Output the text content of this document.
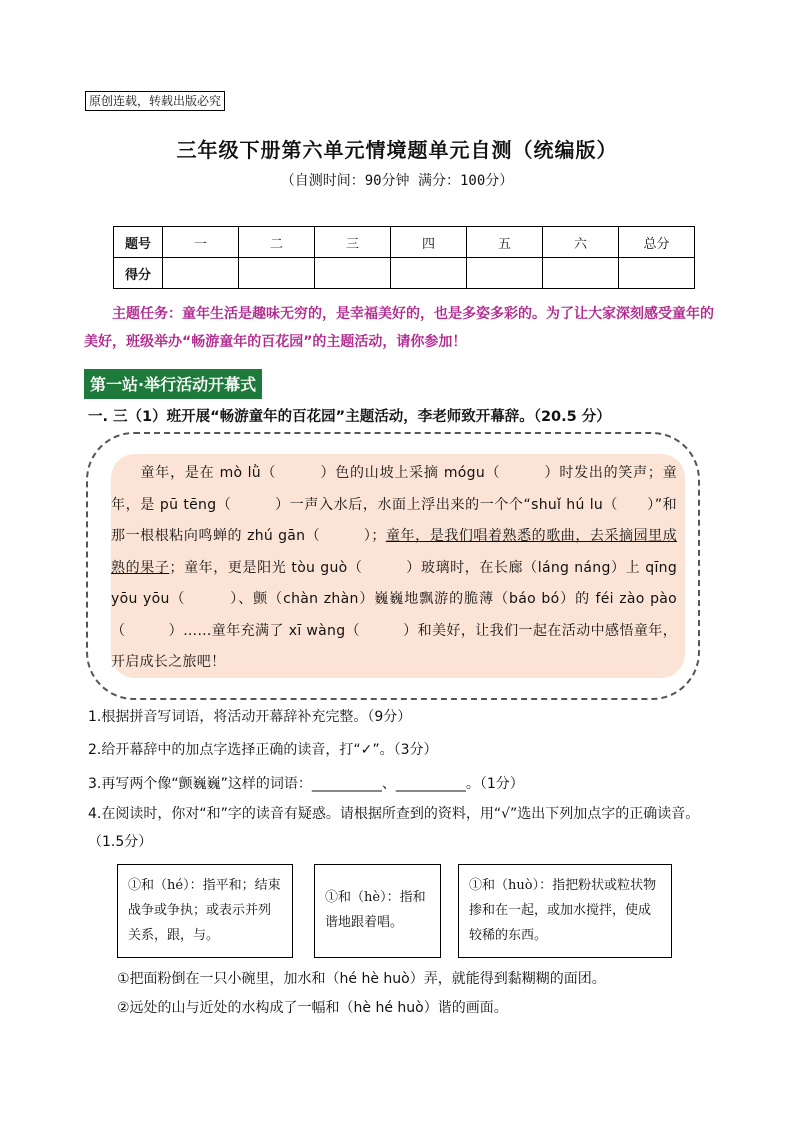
原创连载，转载出版必究
三年级下册第六单元情境题单元自测（统编版）
（自测时间：90分钟 满分：100分）
题号	一	二	三	四	五	六	总分
得分							
主题任务：童年生活是趣味无穷的，是幸福美好的，也是多姿多彩的。为了让大家深刻感受童年的美好，班级举办“畅游童年的百花园”的主题活动，请你参加！
第一站·举行活动开幕式
一. 三（1）班开展“畅游童年的百花园”主题活动，李老师致开幕辞。（20.5 分）
　　童年，是在 mò lǜ（　　　）色的山坡上采摘 mógu（　　　）时发出的笑声；童年，是 pū tēng（　　　）一声入水后，水面上浮出来的一个个“shuǐ hú lu（　　）”和那一根根粘向鸣蝉的 zhú gān（　　　）；童年，是我们唱着熟悉的歌曲，去采摘园里成熟的果子；童年，更是阳光 tòu guò（　　　）玻璃时，在长廊（láng náng）上 qīng yōu yōu（　　　）、颤（chàn zhàn）巍巍地飘游的脆薄（báo bó）的 féi zào pào（　　　）……童年充满了 xī wàng（　　　）和美好，让我们一起在活动中感悟童年，开启成长之旅吧！
1.根据拼音写词语，将活动开幕辞补充完整。（9分）
2.给开幕辞中的加点字选择正确的读音，打“✓”。（3分）
3.再写两个像“颤巍巍”这样的词语：__________、__________。（1分）
4.在阅读时，你对“和”字的读音有疑惑。请根据所查到的资料，用“√”选出下列加点字的正确读音。（1.5分）
①和（hé）：指平和；结束战争或争执；或表示并列关系，跟，与。
①和（hè）：指和谐地跟着唱。
①和（huò）：指把粉状或粒状物掺和在一起，或加水搅拌，使成较稀的东西。
①把面粉倒在一只小碗里，加水和（hé hè huò）弄，就能得到黏糊糊的面团。
②远处的山与近处的水构成了一幅和（hè hé huò）谐的画面。
